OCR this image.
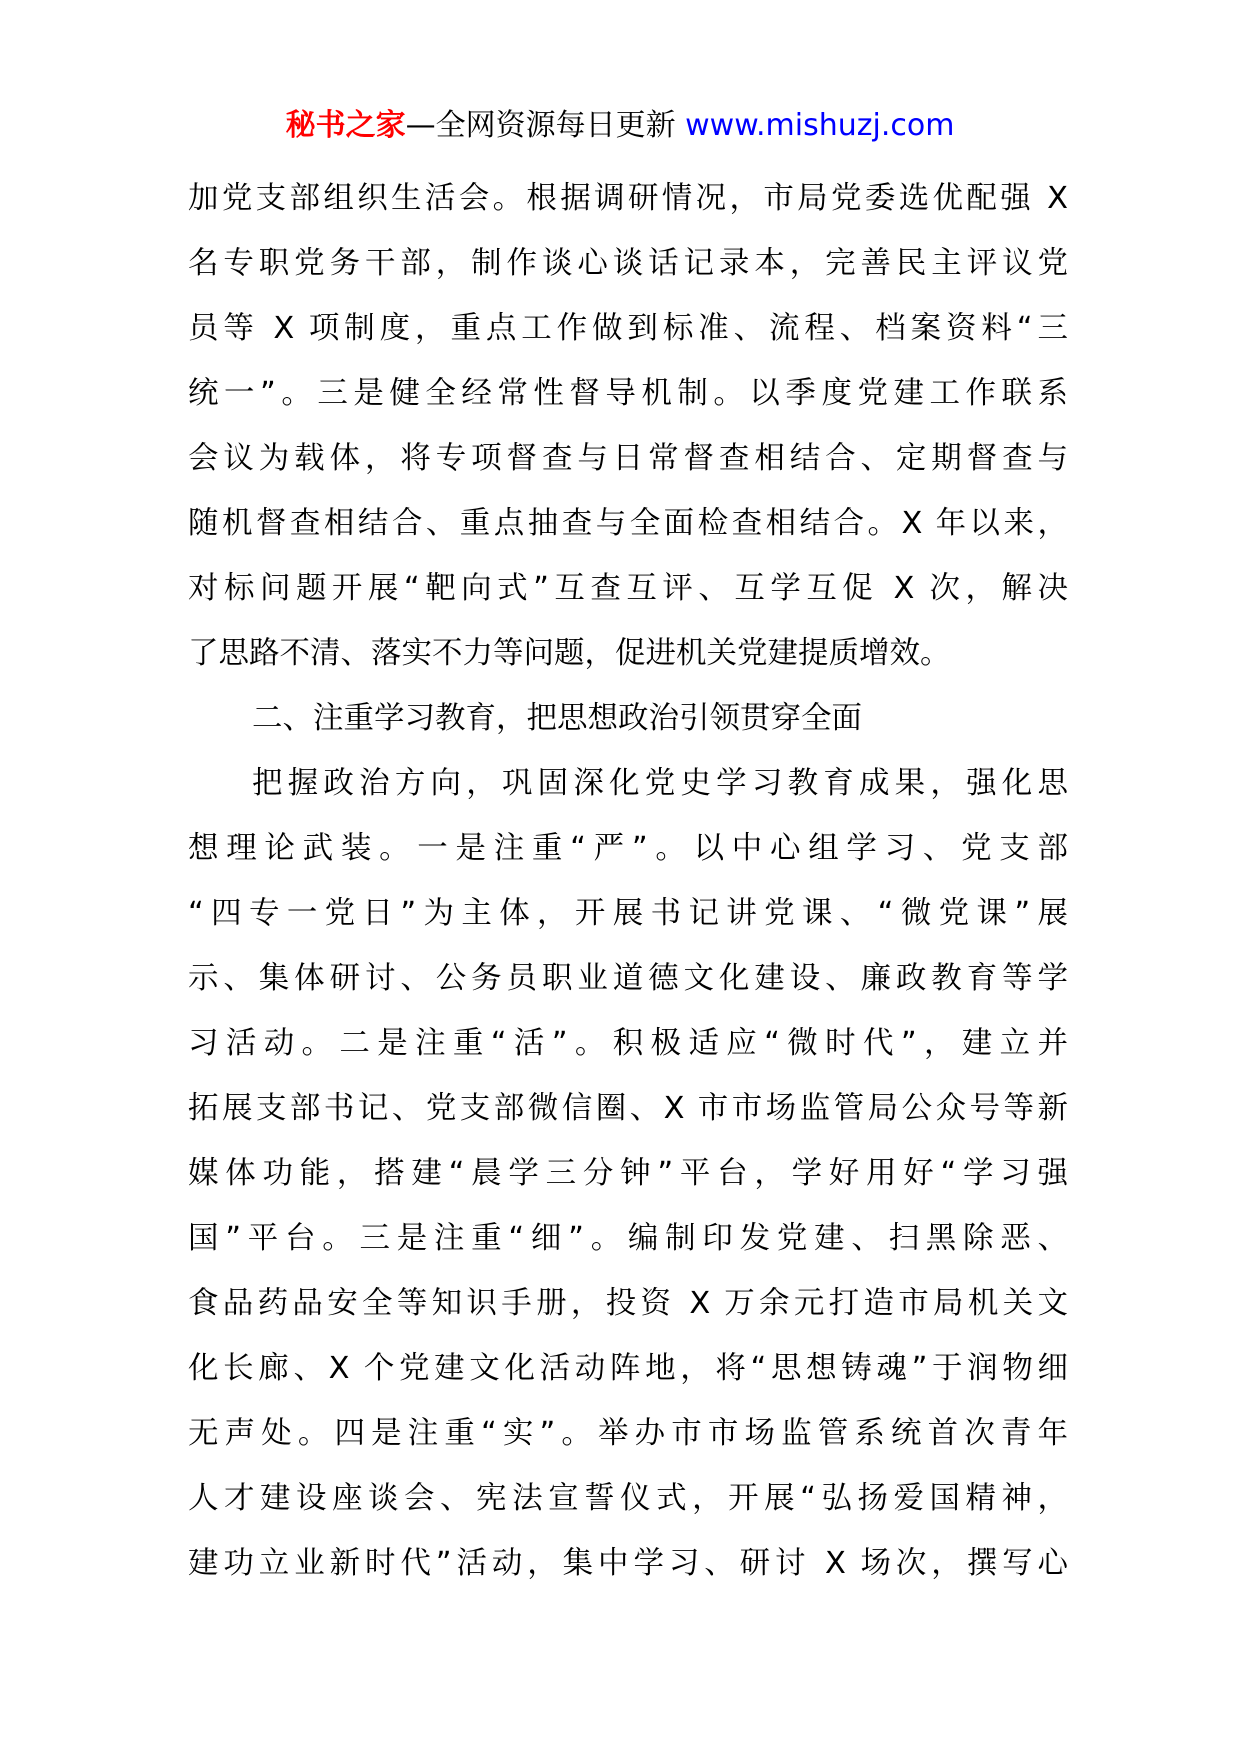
秘书之家—全网资源每日更新 www.mishuzj.com
加党支部组织生活会。根据调研情况，市局党委选优配强 X
名专职党务干部，制作谈心谈话记录本，完善民主评议党
员等 X 项制度，重点工作做到标准、流程、档案资料“三
统一”。三是健全经常性督导机制。以季度党建工作联系
会议为载体，将专项督查与日常督查相结合、定期督查与
随机督查相结合、重点抽查与全面检查相结合。X 年以来，
对标问题开展“靶向式”互查互评、互学互促 X 次，解决
了思路不清、落实不力等问题，促进机关党建提质增效。
二、注重学习教育，把思想政治引领贯穿全面
把握政治方向，巩固深化党史学习教育成果，强化思
想理论武装。一是注重“严”。以中心组学习、党支部
“四专一党日”为主体，开展书记讲党课、“微党课”展
示、集体研讨、公务员职业道德文化建设、廉政教育等学
习活动。二是注重“活”。积极适应“微时代”，建立并
拓展支部书记、党支部微信圈、X 市市场监管局公众号等新
媒体功能，搭建“晨学三分钟”平台，学好用好“学习强
国”平台。三是注重“细”。编制印发党建、扫黑除恶、
食品药品安全等知识手册，投资 X 万余元打造市局机关文
化长廊、X 个党建文化活动阵地，将“思想铸魂”于润物细
无声处。四是注重“实”。举办市市场监管系统首次青年
人才建设座谈会、宪法宣誓仪式，开展“弘扬爱国精神，
建功立业新时代”活动，集中学习、研讨 X 场次，撰写心
